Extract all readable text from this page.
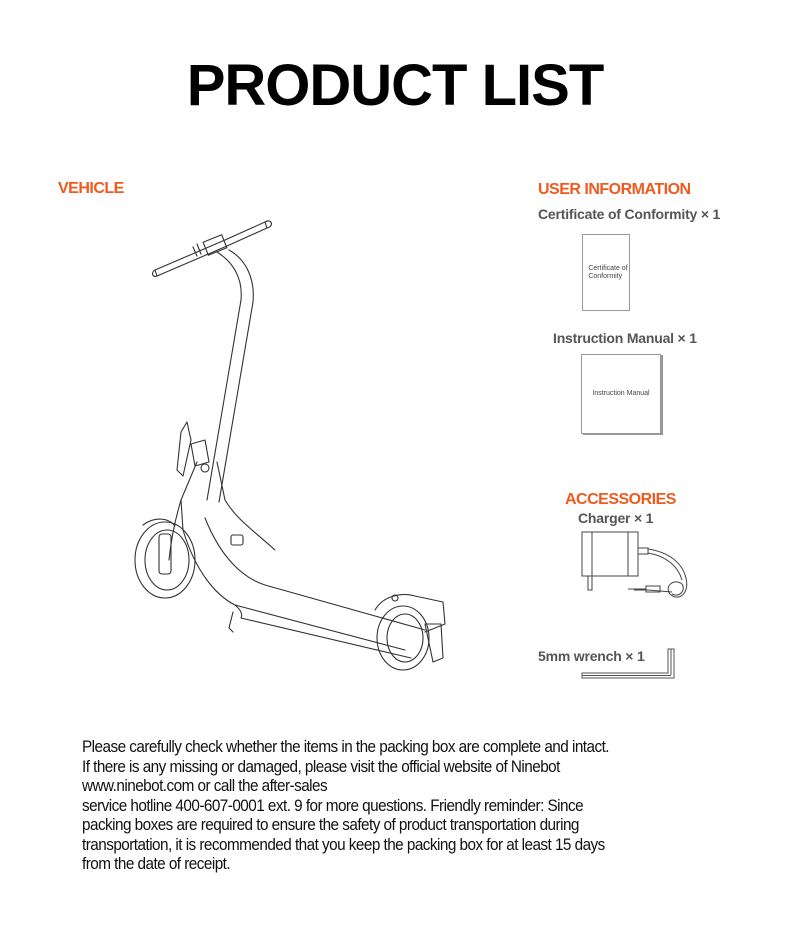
PRODUCT LIST
VEHICLE	USER INFORMATION
Certificate of Conformity × 1
Certificate of
Conformity
Instruction Manual × 1
Instruction Manual
ACCESSORIES
Charger × 1
5mm wrench × 1

Please carefully check whether the items in the packing box are complete and intact.

If there is any missing or damaged, please visit the official website of Ninebot

www.ninebot.com or call the after-sales

service hotline 400-607-0001 ext. 9 for more questions. Friendly reminder: Since

packing boxes are required to ensure the safety of product transportation during

transportation, it is recommended that you keep the packing box for at least 15 days

from the date of receipt.
